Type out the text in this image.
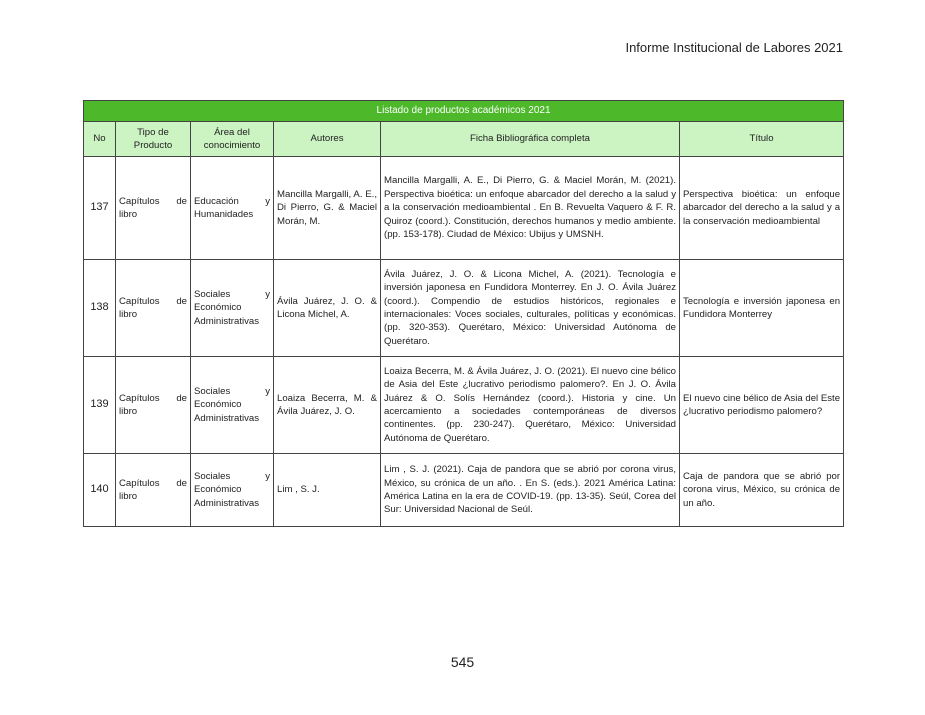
Informe Institucional de Labores 2021
Listado de productos académicos 2021					
No	Tipo de Producto	Área del conocimiento	Autores	Ficha Bibliográfica completa	Título
137	Capítulos de libro	Educación y Humanidades	Mancilla Margalli, A. E., Di Pierro, G. & Maciel Morán, M.	Mancilla Margalli, A. E., Di Pierro, G. & Maciel Morán, M. (2021). Perspectiva bioética: un enfoque abarcador del derecho a la salud y a la conservación medioambiental . En B. Revuelta Vaquero & F. R. Quiroz (coord.). Constitución, derechos humanos y medio ambiente. (pp. 153-178). Ciudad de México: Ubijus y UMSNH.	Perspectiva bioética: un enfoque abarcador del derecho a la salud y a la conservación medioambiental
138	Capítulos de libro	Sociales y Económico Administrativas	Ávila Juárez, J. O. & Licona Michel, A.	Ávila Juárez, J. O. & Licona Michel, A. (2021). Tecnología e inversión japonesa en Fundidora Monterrey. En J. O. Ávila Juárez (coord.). Compendio de estudios históricos, regionales e internacionales: Voces sociales, culturales, políticas y económicas. (pp. 320-353). Querétaro, México: Universidad Autónoma de Querétaro.	Tecnología e inversión japonesa en Fundidora Monterrey
139	Capítulos de libro	Sociales y Económico Administrativas	Loaiza Becerra, M. & Ávila Juárez, J. O.	Loaiza Becerra, M. & Ávila Juárez, J. O. (2021). El nuevo cine bélico de Asia del Este ¿lucrativo periodismo palomero?. En J. O. Ávila Juárez & O. Solís Hernández (coord.). Historia y cine. Un acercamiento a sociedades contemporáneas de diversos continentes. (pp. 230-247). Querétaro, México: Universidad Autónoma de Querétaro.	El nuevo cine bélico de Asia del Este ¿lucrativo periodismo palomero?
140	Capítulos de libro	Sociales y Económico Administrativas	Lim , S. J.	Lim , S. J. (2021). Caja de pandora que se abrió por corona virus, México, su crónica de un año. . En S. (eds.). 2021 América Latina: América Latina en la era de COVID-19. (pp. 13-35). Seúl, Corea del Sur: Universidad Nacional de Seúl.	Caja de pandora que se abrió por corona virus, México, su crónica de un año.
545
